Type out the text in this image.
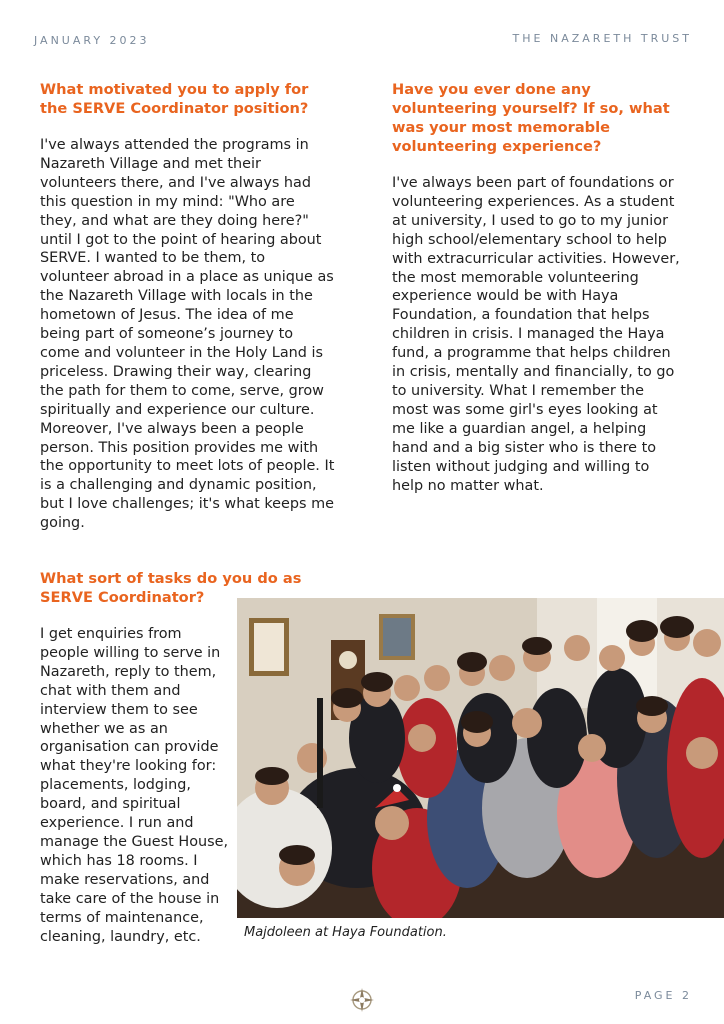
JANUARY 2023	THE NAZARETH TRUST
What motivated you to apply for the SERVE Coordinator position?
I've always attended the programs in Nazareth Village and met their volunteers there, and I've always had this question in my mind: "Who are they, and what are they doing here?" until I got to the point of hearing about SERVE. I wanted to be them, to volunteer abroad in a place as unique as the Nazareth Village with locals in the hometown of Jesus. The idea of me being part of someone’s journey to come and volunteer in the Holy Land is priceless. Drawing their way, clearing the path for them to come, serve, grow spiritually and experience our culture. Moreover, I've always been a people person. This position provides me with the opportunity to meet lots of people. It is a challenging and dynamic position, but I love challenges; it's what keeps me going.
Have you ever done any volunteering yourself? If so, what was your most memorable volunteering experience?
I've always been part of foundations or volunteering experiences. As a student at university, I used to go to my junior high school/elementary school to help with extracurricular activities. However, the most memorable volunteering experience would be with Haya Foundation, a foundation that helps children in crisis. I managed the Haya fund, a programme that helps children in crisis, mentally and financially, to go to university. What I remember the most was some girl's eyes looking at me like a guardian angel, a helping hand and a big sister who is there to listen without judging and willing to help no matter what.
What sort of tasks do you do as SERVE Coordinator?
I get enquiries from people willing to serve in Nazareth, reply to them, chat with them and interview them to see whether we as an organisation can provide what they're looking for: placements, lodging, board, and spiritual experience. I run and manage the Guest House, which has 18 rooms. I make reservations, and take care of the house in terms of maintenance, cleaning, laundry, etc.	Majdoleen at Haya Foundation.
PAGE 2
